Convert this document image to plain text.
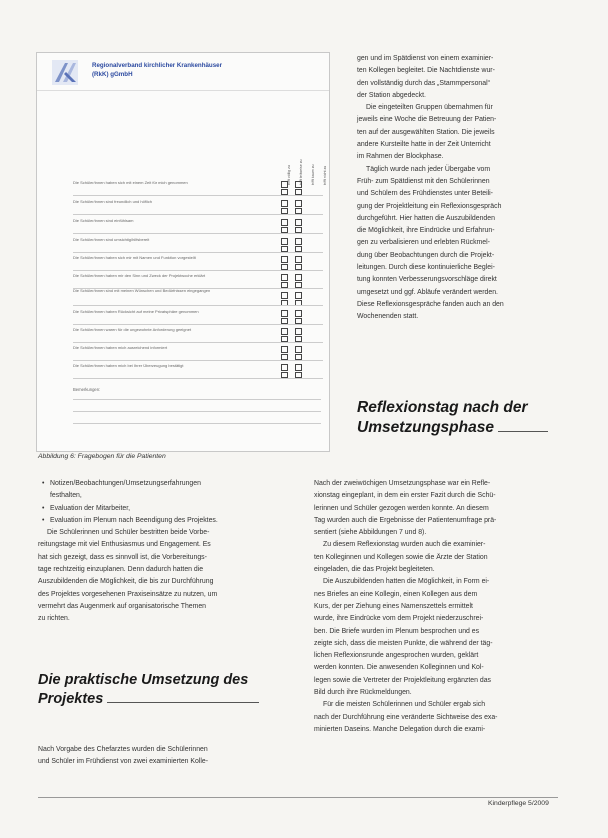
Regionalverband kirchlicher Krankenhäuser
(RkK) gGmbH
trifft völlig zu trifft teilweise zu trifft kaum zu trifft nicht zu
Die Schüler/innen haben sich mit einem Zeit für mich genommen
Die Schüler/innen sind freundlich und höflich
Die Schüler/innen sind einfühlsam
Die Schüler/innen sind umsichtig/hilfsbereit
Die Schüler/innen haben sich mir mit Namen und Funktion vorgestellt
Die Schüler/innen haben mir den Sinn und Zweck der Projektwoche erklärt
Die Schüler/innen sind mit meinen Wünschen und Bedürfnissen eingegangen
Die Schüler/innen haben Rücksicht auf meine Privatsphäre genommen
Die Schüler/innen waren für die ungewohnte Anforderung geeignet
Die Schüler/innen haben mich ausreichend informiert
Die Schüler/innen haben mich bei Ihrer Überzeugung bestätigt
Bemerkungen:
Abbildung 6: Fragebogen für die Patienten

gen und im Spätdienst von einem examinier-

ten Kollegen begleitet. Die Nachtdienste wur-

den vollständig durch das „Stammpersonal“

der Station abgedeckt.

Die eingeteilten Gruppen übernahmen für

jeweils eine Woche die Betreuung der Patien-

ten auf der ausgewählten Station. Die jeweils

andere Kursteilte hatte in der Zeit Unterricht

im Rahmen der Blockphase.

Täglich wurde nach jeder Übergabe vom

Früh- zum Spätdienst mit den Schülerinnen

und Schülern des Frühdienstes unter Beteili-

gung der Projektleitung ein Reflexionsgespräch

durchgeführt. Hier hatten die Auszubildenden

die Möglichkeit, ihre Eindrücke und Erfahrun-

gen zu verbalisieren und erlebten Rückmel-

dung über Beobachtungen durch die Projekt-

leitungen. Durch diese kontinuierliche Beglei-

tung konnten Verbesserungsvorschläge direkt

umgesetzt und ggf. Abläufe verändert werden.

Diese Reflexionsgespräche fanden auch an den

Wochenenden statt.

Reflexionstag nach der
Umsetzungsphase
• Notizen/Beobachtungen/Umsetzungserfahrungen
festhalten,
• Evaluation der Mitarbeiter,
• Evaluation im Plenum nach Beendigung des Projektes.

Die Schülerinnen und Schüler bestritten beide Vorbe-

reitungstage mit viel Enthusiasmus und Engagement. Es

hat sich gezeigt, dass es sinnvoll ist, die Vorbereitungs-

tage rechtzeitig einzuplanen. Denn dadurch hatten die

Auszubildenden die Möglichkeit, die bis zur Durchführung

des Projektes vorgesehenen Praxiseinsätze zu nutzen, um

vermehrt das Augenmerk auf organisatorische Themen

zu richten.

Die praktische Umsetzung des
Projektes

Nach Vorgabe des Chefarztes wurden die Schülerinnen

und Schüler im Frühdienst von zwei examinierten Kolle-

Nach der zweiwöchigen Umsetzungsphase war ein Refle-

xionstag eingeplant, in dem ein erster Fazit durch die Schü-

lerinnen und Schüler gezogen werden konnte. An diesem

Tag wurden auch die Ergebnisse der Patientenumfrage prä-

sentiert (siehe Abbildungen 7 und 8).

Zu diesem Reflexionstag wurden auch die examinier-

ten Kolleginnen und Kollegen sowie die Ärzte der Station

eingeladen, die das Projekt begleiteten.

Die Auszubildenden hatten die Möglichkeit, in Form ei-

nes Briefes an eine Kollegin, einen Kollegen aus dem

Kurs, der per Ziehung eines Namenszettels ermittelt

wurde, ihre Eindrücke vom dem Projekt niederzuschrei-

ben. Die Briefe wurden im Plenum besprochen und es

zeigte sich, dass die meisten Punkte, die während der täg-

lichen Reflexionsrunde angesprochen wurden, geklärt

werden konnten. Die anwesenden Kolleginnen und Kol-

legen sowie die Vertreter der Projektleitung ergänzten das

Bild durch ihre Rückmeldungen.

Für die meisten Schülerinnen und Schüler ergab sich

nach der Durchführung eine veränderte Sichtweise des exa-

minierten Daseins. Manche Delegation durch die exami-

Kinderpflege 5/2009
